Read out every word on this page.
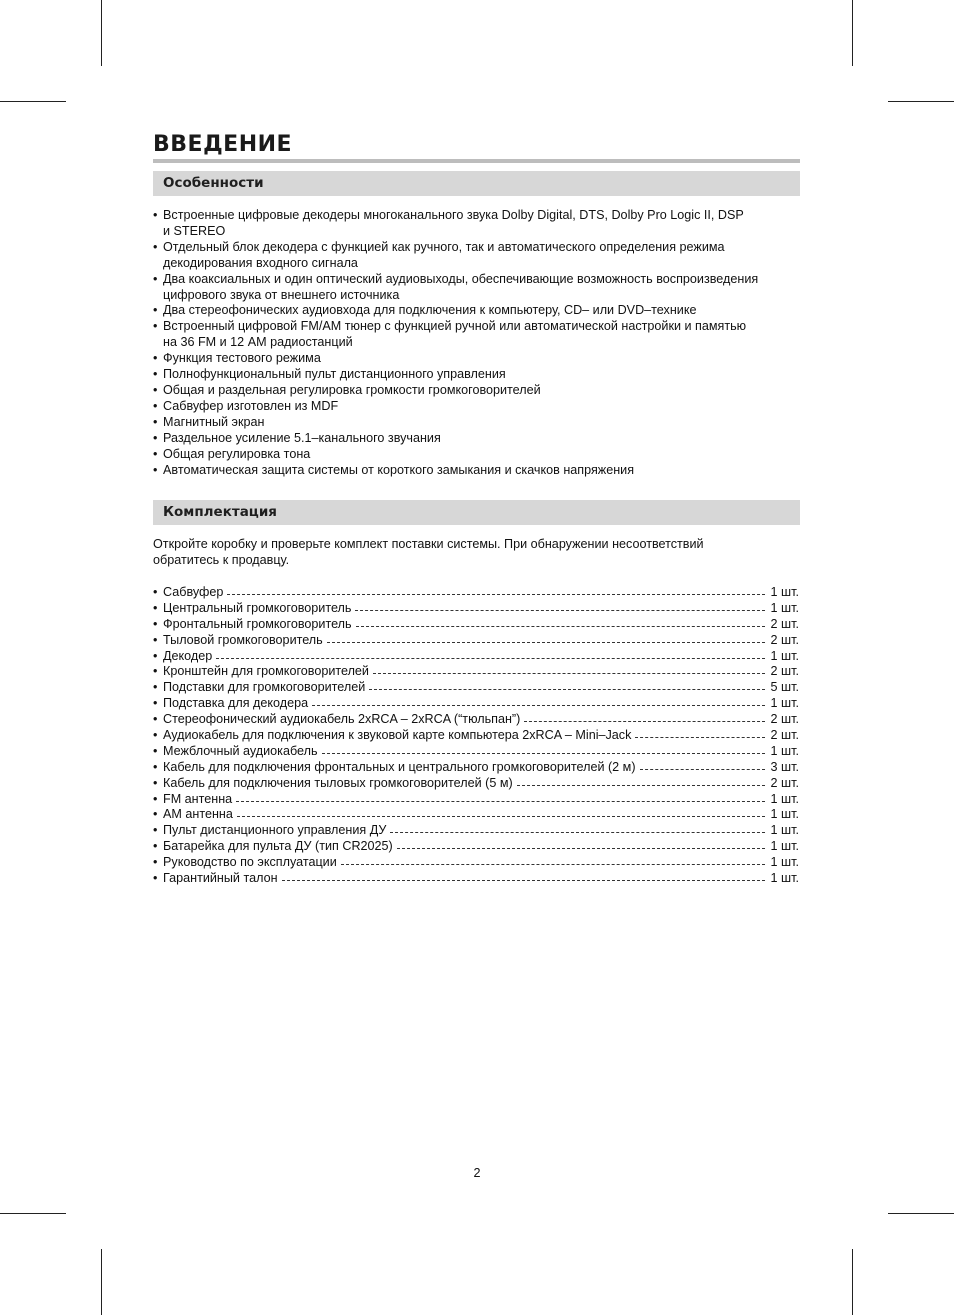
ВВЕДЕНИЕ
Особенности
• Встроенные цифровые декодеры многоканального звука Dolby Digital, DTS, Dolby Pro Logic II, DSP
и STEREO
• Отдельный блок декодера с функцией как ручного, так и автоматического определения режима
декодирования входного сигнала
• Два коаксиальных и один оптический аудиовыходы, обеспечивающие возможность воспроизведения
цифрового звука от внешнего источника
• Два стереофонических аудиовхода для подключения к компьютеру, CD– или DVD–технике
• Встроенный цифровой FM/AM тюнер с функцией ручной или автоматической настройки и памятью
на 36 FM и 12 AM радиостанций
• Функция тестового режима
• Полнофункциональный пульт дистанционного управления
• Общая и раздельная регулировка громкости громкоговорителей
• Сабвуфер изготовлен из MDF
• Магнитный экран
• Раздельное усиление 5.1–канального звучания
• Общая регулировка тона
• Автоматическая защита системы от короткого замыкания и скачков напряжения
Комплектация
Откройте коробку и проверьте комплект поставки системы. При обнаружении несоответствий
обратитесь к продавцу.
•
Сабвуфер	1 шт.
•
Центральный громкоговоритель	1 шт.
•
Фронтальный громкоговоритель	2 шт.
•
Тыловой громкоговоритель	2 шт.
•
Декодер	1 шт.
•
Кронштейн для громкоговорителей	2 шт.
•
Подставки для громкоговорителей	5 шт.
•
Подставка для декодера	1 шт.
•
Стереофонический аудиокабель 2xRCA – 2xRCA (“тюльпан”)	2 шт.
•
Аудиокабель для подключения к звуковой карте компьютера 2xRCA – Mini–Jack	2 шт.
•
Межблочный аудиокабель	1 шт.
•
Кабель для подключения фронтальных и центрального громкоговорителей (2 м)	3 шт.
•
Кабель для подключения тыловых громкоговорителей (5 м)	2 шт.
•
FM антенна	1 шт.
•
AM антенна	1 шт.
•
Пульт дистанционного управления ДУ	1 шт.
•
Батарейка для пульта ДУ (тип CR2025)	1 шт.
•
Руководство по эксплуатации	1 шт.
•
Гарантийный талон	1 шт.
2
